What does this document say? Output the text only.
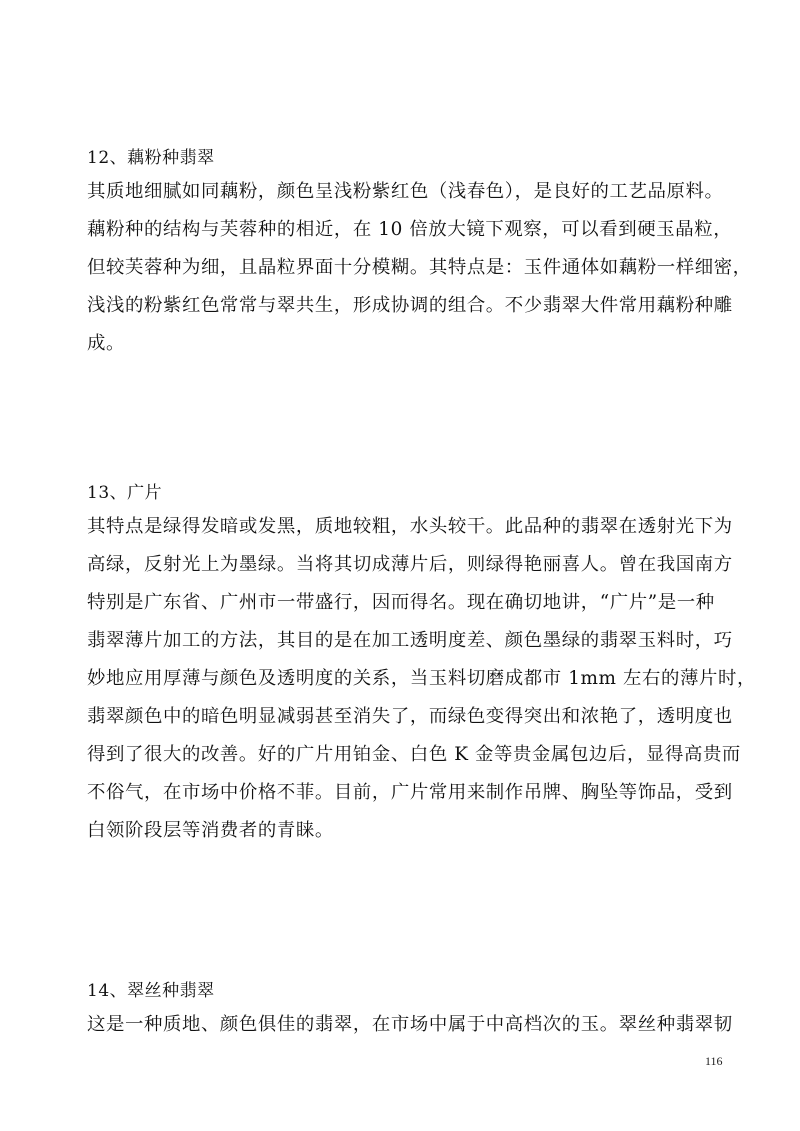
12、藕粉种翡翠
其质地细腻如同藕粉，颜色呈浅粉紫红色（浅春色），是良好的工艺品原料。
藕粉种的结构与芙蓉种的相近，在 10 倍放大镜下观察，可以看到硬玉晶粒，
但较芙蓉种为细，且晶粒界面十分模糊。其特点是：玉件通体如藕粉一样细密，
浅浅的粉紫红色常常与翠共生，形成协调的组合。不少翡翠大件常用藕粉种雕
成。
13、广片
其特点是绿得发暗或发黑，质地较粗，水头较干。此品种的翡翠在透射光下为
高绿，反射光上为墨绿。当将其切成薄片后，则绿得艳丽喜人。曾在我国南方
特别是广东省、广州市一带盛行，因而得名。现在确切地讲，“广片”是一种
翡翠薄片加工的方法，其目的是在加工透明度差、颜色墨绿的翡翠玉料时，巧
妙地应用厚薄与颜色及透明度的关系，当玉料切磨成都市 1mm 左右的薄片时，
翡翠颜色中的暗色明显减弱甚至消失了，而绿色变得突出和浓艳了，透明度也
得到了很大的改善。好的广片用铂金、白色 K 金等贵金属包边后，显得高贵而
不俗气，在市场中价格不菲。目前，广片常用来制作吊牌、胸坠等饰品，受到
白领阶段层等消费者的青睐。
14、翠丝种翡翠
这是一种质地、颜色俱佳的翡翠，在市场中属于中高档次的玉。翠丝种翡翠韧
116
